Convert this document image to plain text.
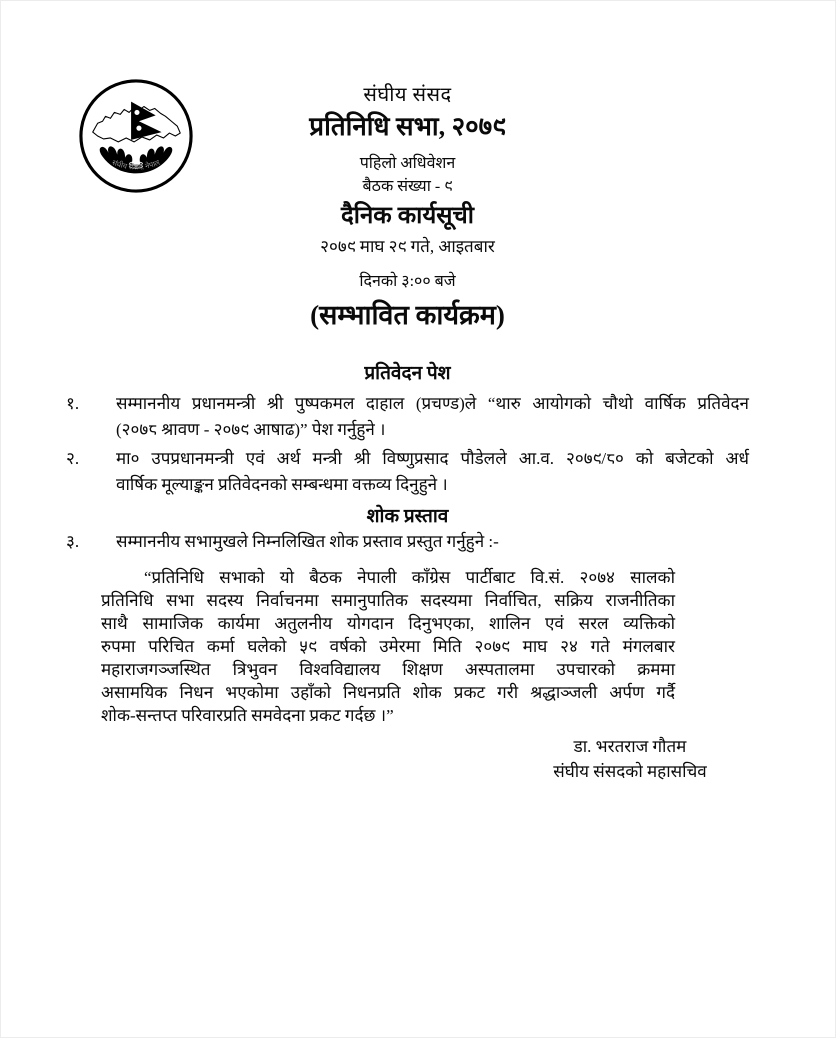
संघीय संसद, नेपाल
संघीय संसद
प्रतिनिधि सभा, २०७९
पहिलो अधिवेशन
बैठक संख्या - ९
दैनिक कार्यसूची
२०७९ माघ २९ गते, आइतबार
दिनको ३:०० बजे
(सम्भावित कार्यक्रम)
प्रतिवेदन पेश
१.	सम्माननीय प्रधानमन्त्री श्री पुष्पकमल दाहाल (प्रचण्ड)ले “थारु आयोगको चौथो वार्षिक प्रतिवेदन
(२०७८ श्रावण - २०७९ आषाढ)” पेश गर्नुहुने ।
२.	मा० उपप्रधानमन्त्री एवं अर्थ मन्त्री श्री विष्णुप्रसाद पौडेलले आ.व. २०७९/८० को बजेटको अर्ध
वार्षिक मूल्याङ्कन प्रतिवेदनको सम्बन्धमा वक्तव्य दिनुहुने ।
शोक प्रस्ताव
३.	सम्माननीय सभामुखले निम्नलिखित शोक प्रस्ताव प्रस्तुत गर्नुहुने :-
“प्रतिनिधि सभाको यो बैठक नेपाली काँग्रेस पार्टीबाट वि.सं. २०७४ सालको
प्रतिनिधि सभा सदस्य निर्वाचनमा समानुपातिक सदस्यमा निर्वाचित, सक्रिय राजनीतिका
साथै सामाजिक कार्यमा अतुलनीय योगदान दिनुभएका, शालिन एवं सरल व्यक्तिको
रुपमा परिचित कर्मा घलेको ५९ वर्षको उमेरमा मिति २०७९ माघ २४ गते मंगलबार
महाराजगञ्जस्थित त्रिभुवन विश्वविद्यालय शिक्षण अस्पतालमा उपचारको क्रममा
असामयिक निधन भएकोमा उहाँको निधनप्रति शोक प्रकट गरी श्रद्धाञ्जली अर्पण गर्दै
शोक-सन्तप्त परिवारप्रति समवेदना प्रकट गर्दछ ।”
डा. भरतराज गौतम
संघीय संसदको महासचिव
